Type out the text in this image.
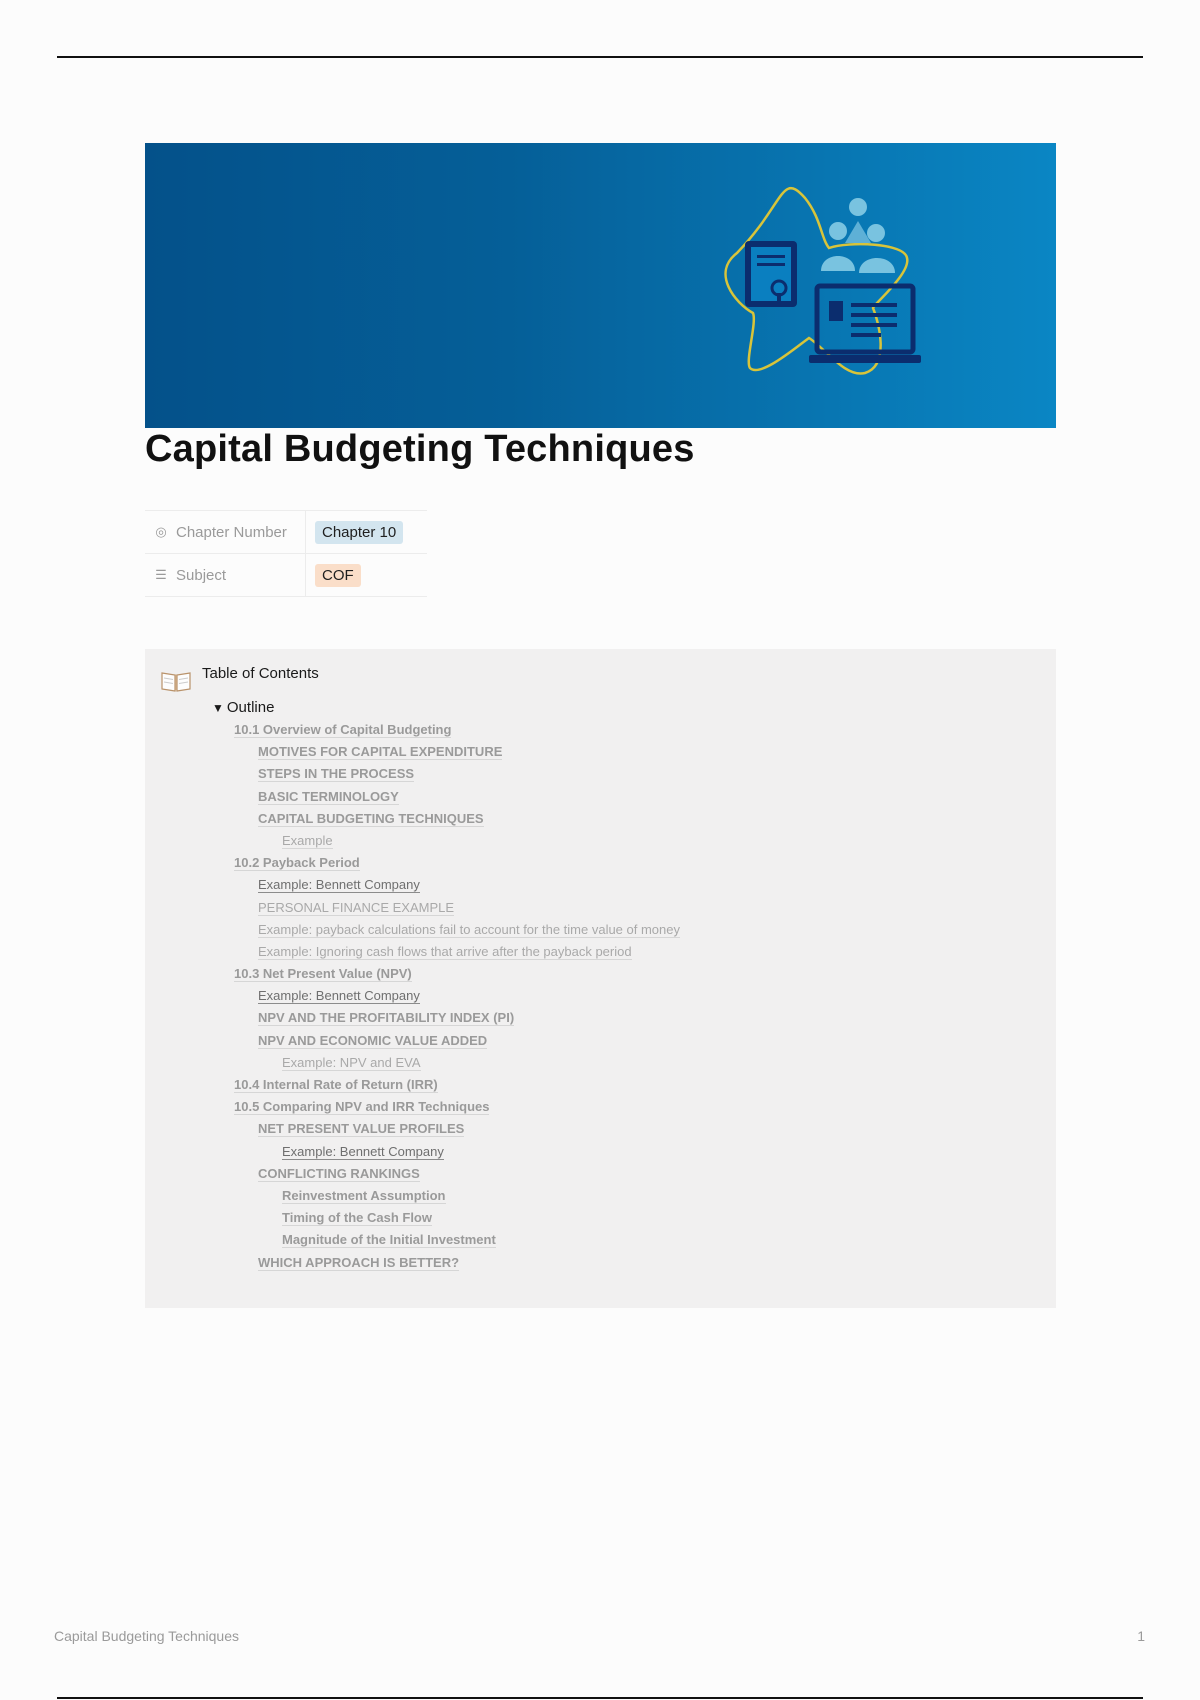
Capital Budgeting Techniques
◎ Chapter Number	Chapter 10
☰ Subject	COF
Table of Contents
▼ Outline
10.1 Overview of Capital Budgeting
MOTIVES FOR CAPITAL EXPENDITURE
STEPS IN THE PROCESS
BASIC TERMINOLOGY
CAPITAL BUDGETING TECHNIQUES
Example
10.2 Payback Period
Example: Bennett Company
PERSONAL FINANCE EXAMPLE
Example: payback calculations fail to account for the time value of money
Example: Ignoring cash flows that arrive after the payback period
10.3 Net Present Value (NPV)
Example: Bennett Company
NPV AND THE PROFITABILITY INDEX (PI)
NPV AND ECONOMIC VALUE ADDED
Example: NPV and EVA
10.4 Internal Rate of Return (IRR)
10.5 Comparing NPV and IRR Techniques
NET PRESENT VALUE PROFILES
Example: Bennett Company
CONFLICTING RANKINGS
Reinvestment Assumption
Timing of the Cash Flow
Magnitude of the Initial Investment
WHICH APPROACH IS BETTER?
Capital Budgeting Techniques	1
